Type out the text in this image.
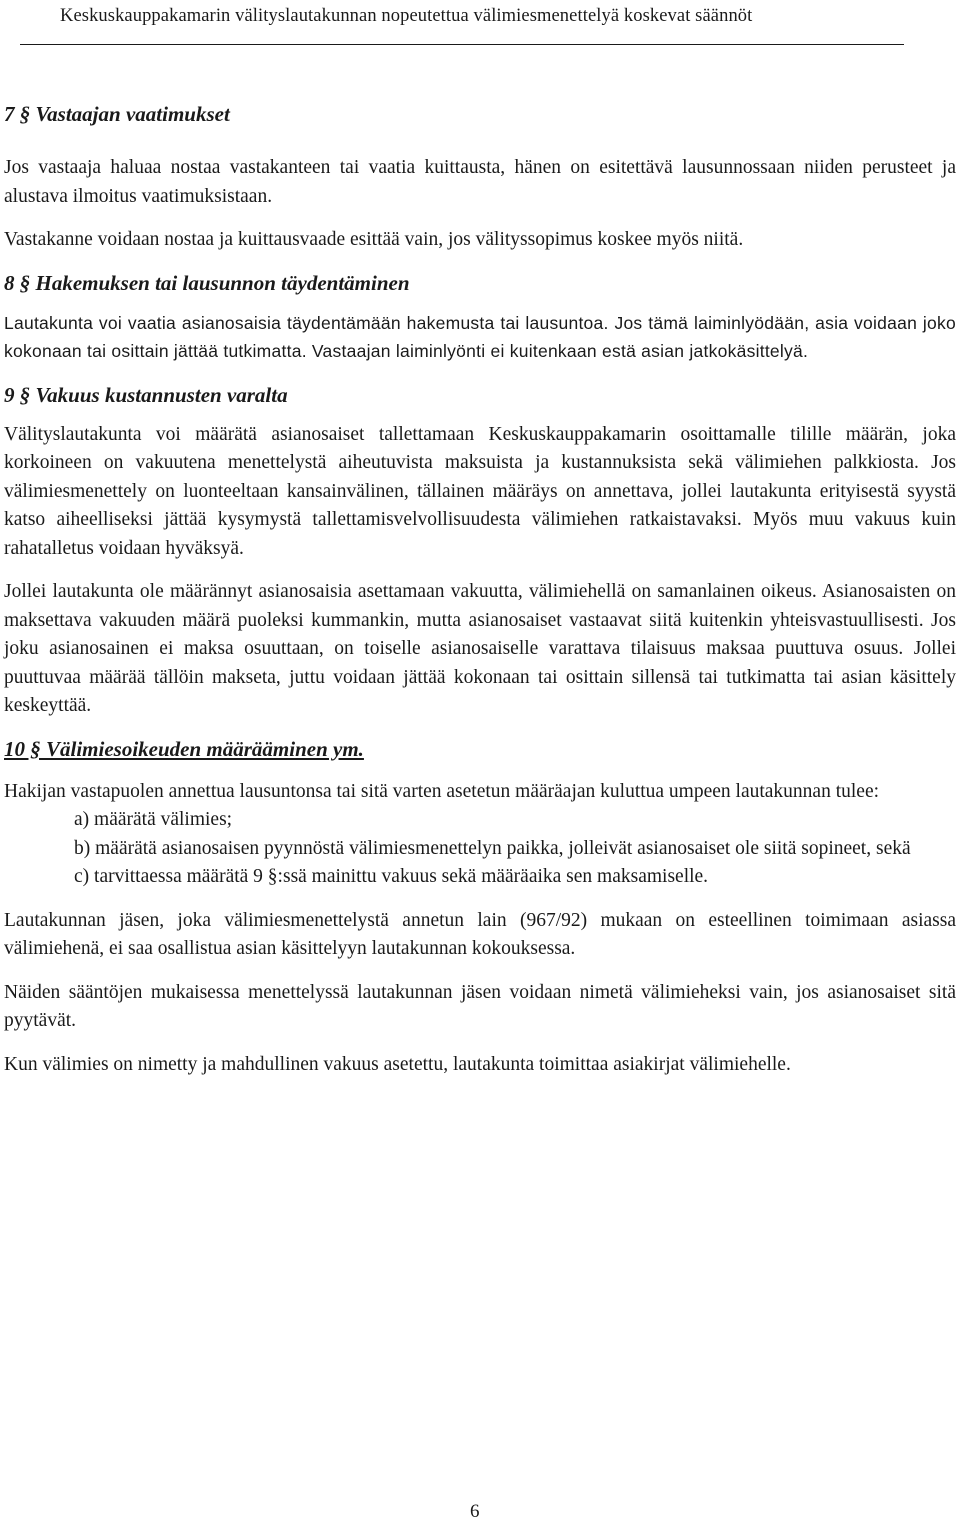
Keskuskauppakamarin välityslautakunnan nopeutettua välimiesmenettelyä koskevat säännöt
7 § Vastaajan vaatimukset

Jos vastaaja haluaa nostaa vastakanteen tai vaatia kuittausta, hänen on esitettävä lausunnossaan niiden perusteet ja alustava ilmoitus vaatimuksistaan.

Vastakanne voidaan nostaa ja kuittausvaade esittää vain, jos välityssopimus koskee myös niitä.

8 § Hakemuksen tai lausunnon täydentäminen

Lautakunta voi vaatia asianosaisia täydentämään hakemusta tai lausuntoa. Jos tämä laiminlyödään, asia voidaan joko kokonaan tai osittain jättää tutkimatta. Vastaajan laiminlyönti ei kuitenkaan estä asian jatkokäsittelyä.

9 § Vakuus kustannusten varalta

Välityslautakunta voi määrätä asianosaiset tallettamaan Keskuskauppakamarin osoittamalle tilille määrän, joka korkoineen on vakuutena menettelystä aiheutuvista maksuista ja kustannuksista sekä välimiehen palkkiosta. Jos välimiesmenettely on luonteeltaan kansainvälinen, tällainen määräys on annettava, jollei lautakunta erityisestä syystä katso aiheelliseksi jättää kysymystä tallettamisvelvollisuudesta välimiehen ratkaistavaksi. Myös muu vakuus kuin rahatalletus voidaan hyväksyä.

Jollei lautakunta ole määrännyt asianosaisia asettamaan vakuutta, välimiehellä on samanlainen oikeus. Asianosaisten on maksettava vakuuden määrä puoleksi kummankin, mutta asianosaiset vastaavat siitä kuitenkin yhteisvastuullisesti. Jos joku asianosainen ei maksa osuuttaan, on toiselle asianosaiselle varattava tilaisuus maksaa puuttuva osuus. Jollei puuttuvaa määrää tällöin makseta, juttu voidaan jättää kokonaan tai osittain sillensä tai tutkimatta tai asian käsittely keskeyttää.

10 § Välimiesoikeuden määrääminen ym.

Hakijan vastapuolen annettua lausuntonsa tai sitä varten asetetun määräajan kuluttua umpeen lautakunnan tulee:

a) määrätä välimies;
b) määrätä asianosaisen pyynnöstä välimiesmenettelyn paikka, jolleivät asianosaiset ole siitä sopineet, sekä
c) tarvittaessa määrätä 9 §:ssä mainittu vakuus sekä määräaika sen maksamiselle.

Lautakunnan jäsen, joka välimiesmenettelystä annetun lain (967/92) mukaan on esteellinen toimimaan asiassa välimiehenä, ei saa osallistua asian käsittelyyn lautakunnan kokouksessa.

Näiden sääntöjen mukaisessa menettelyssä lautakunnan jäsen voidaan nimetä välimieheksi vain, jos asianosaiset sitä pyytävät.

Kun välimies on nimetty ja mahdullinen vakuus asetettu, lautakunta toimittaa asiakirjat välimiehelle.

6
